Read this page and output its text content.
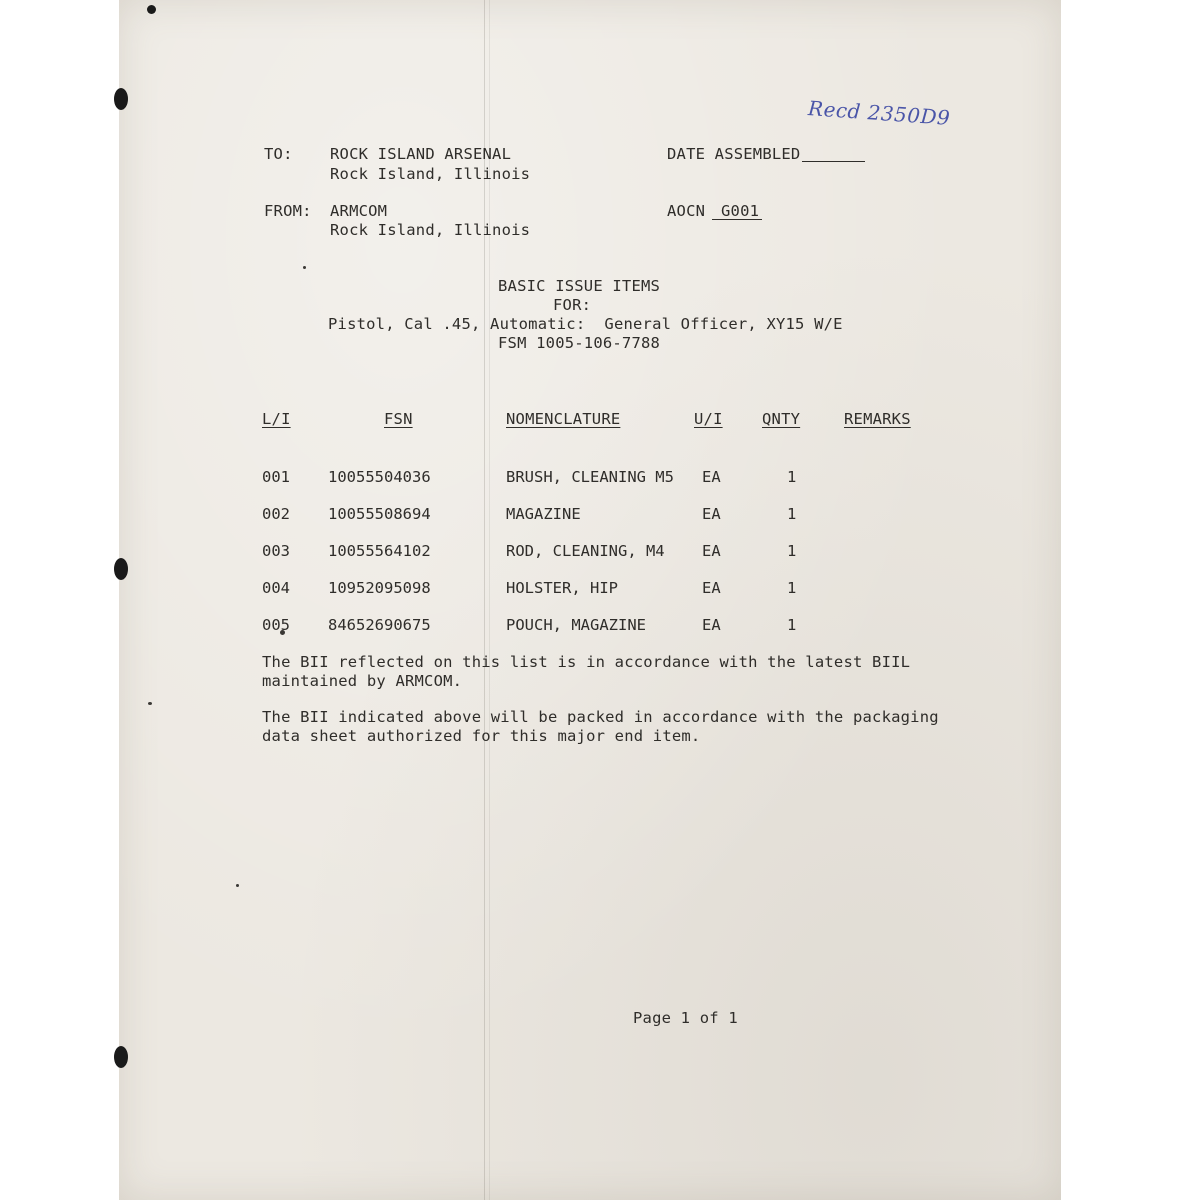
Recd 2350D9
TO: ROCK ISLAND ARSENAL
Rock Island, Illinois
DATE ASSEMBLED
FROM: ARMCOM
Rock Island, Illinois
AOCN G001
BASIC ISSUE ITEMS
FOR:
Pistol, Cal .45, Automatic:  General Officer, XY15 W/E
FSM 1005-106-7788
L/I	FSN	NOMENCLATURE	U/I	QNTY	REMARKS
001 10055504036	BRUSH, CLEANING M5 EA	1
002 10055508694	MAGAZINE	EA	1
003 10055564102	ROD, CLEANING, M4 EA	1
004 10952095098	HOLSTER, HIP	EA	1
005 84652690675	POUCH, MAGAZINE	EA	1
The BII reflected on this list is in accordance with the latest BIIL
maintained by ARMCOM.
The BII indicated above will be packed in accordance with the packaging
data sheet authorized for this major end item.
Page 1 of 1
